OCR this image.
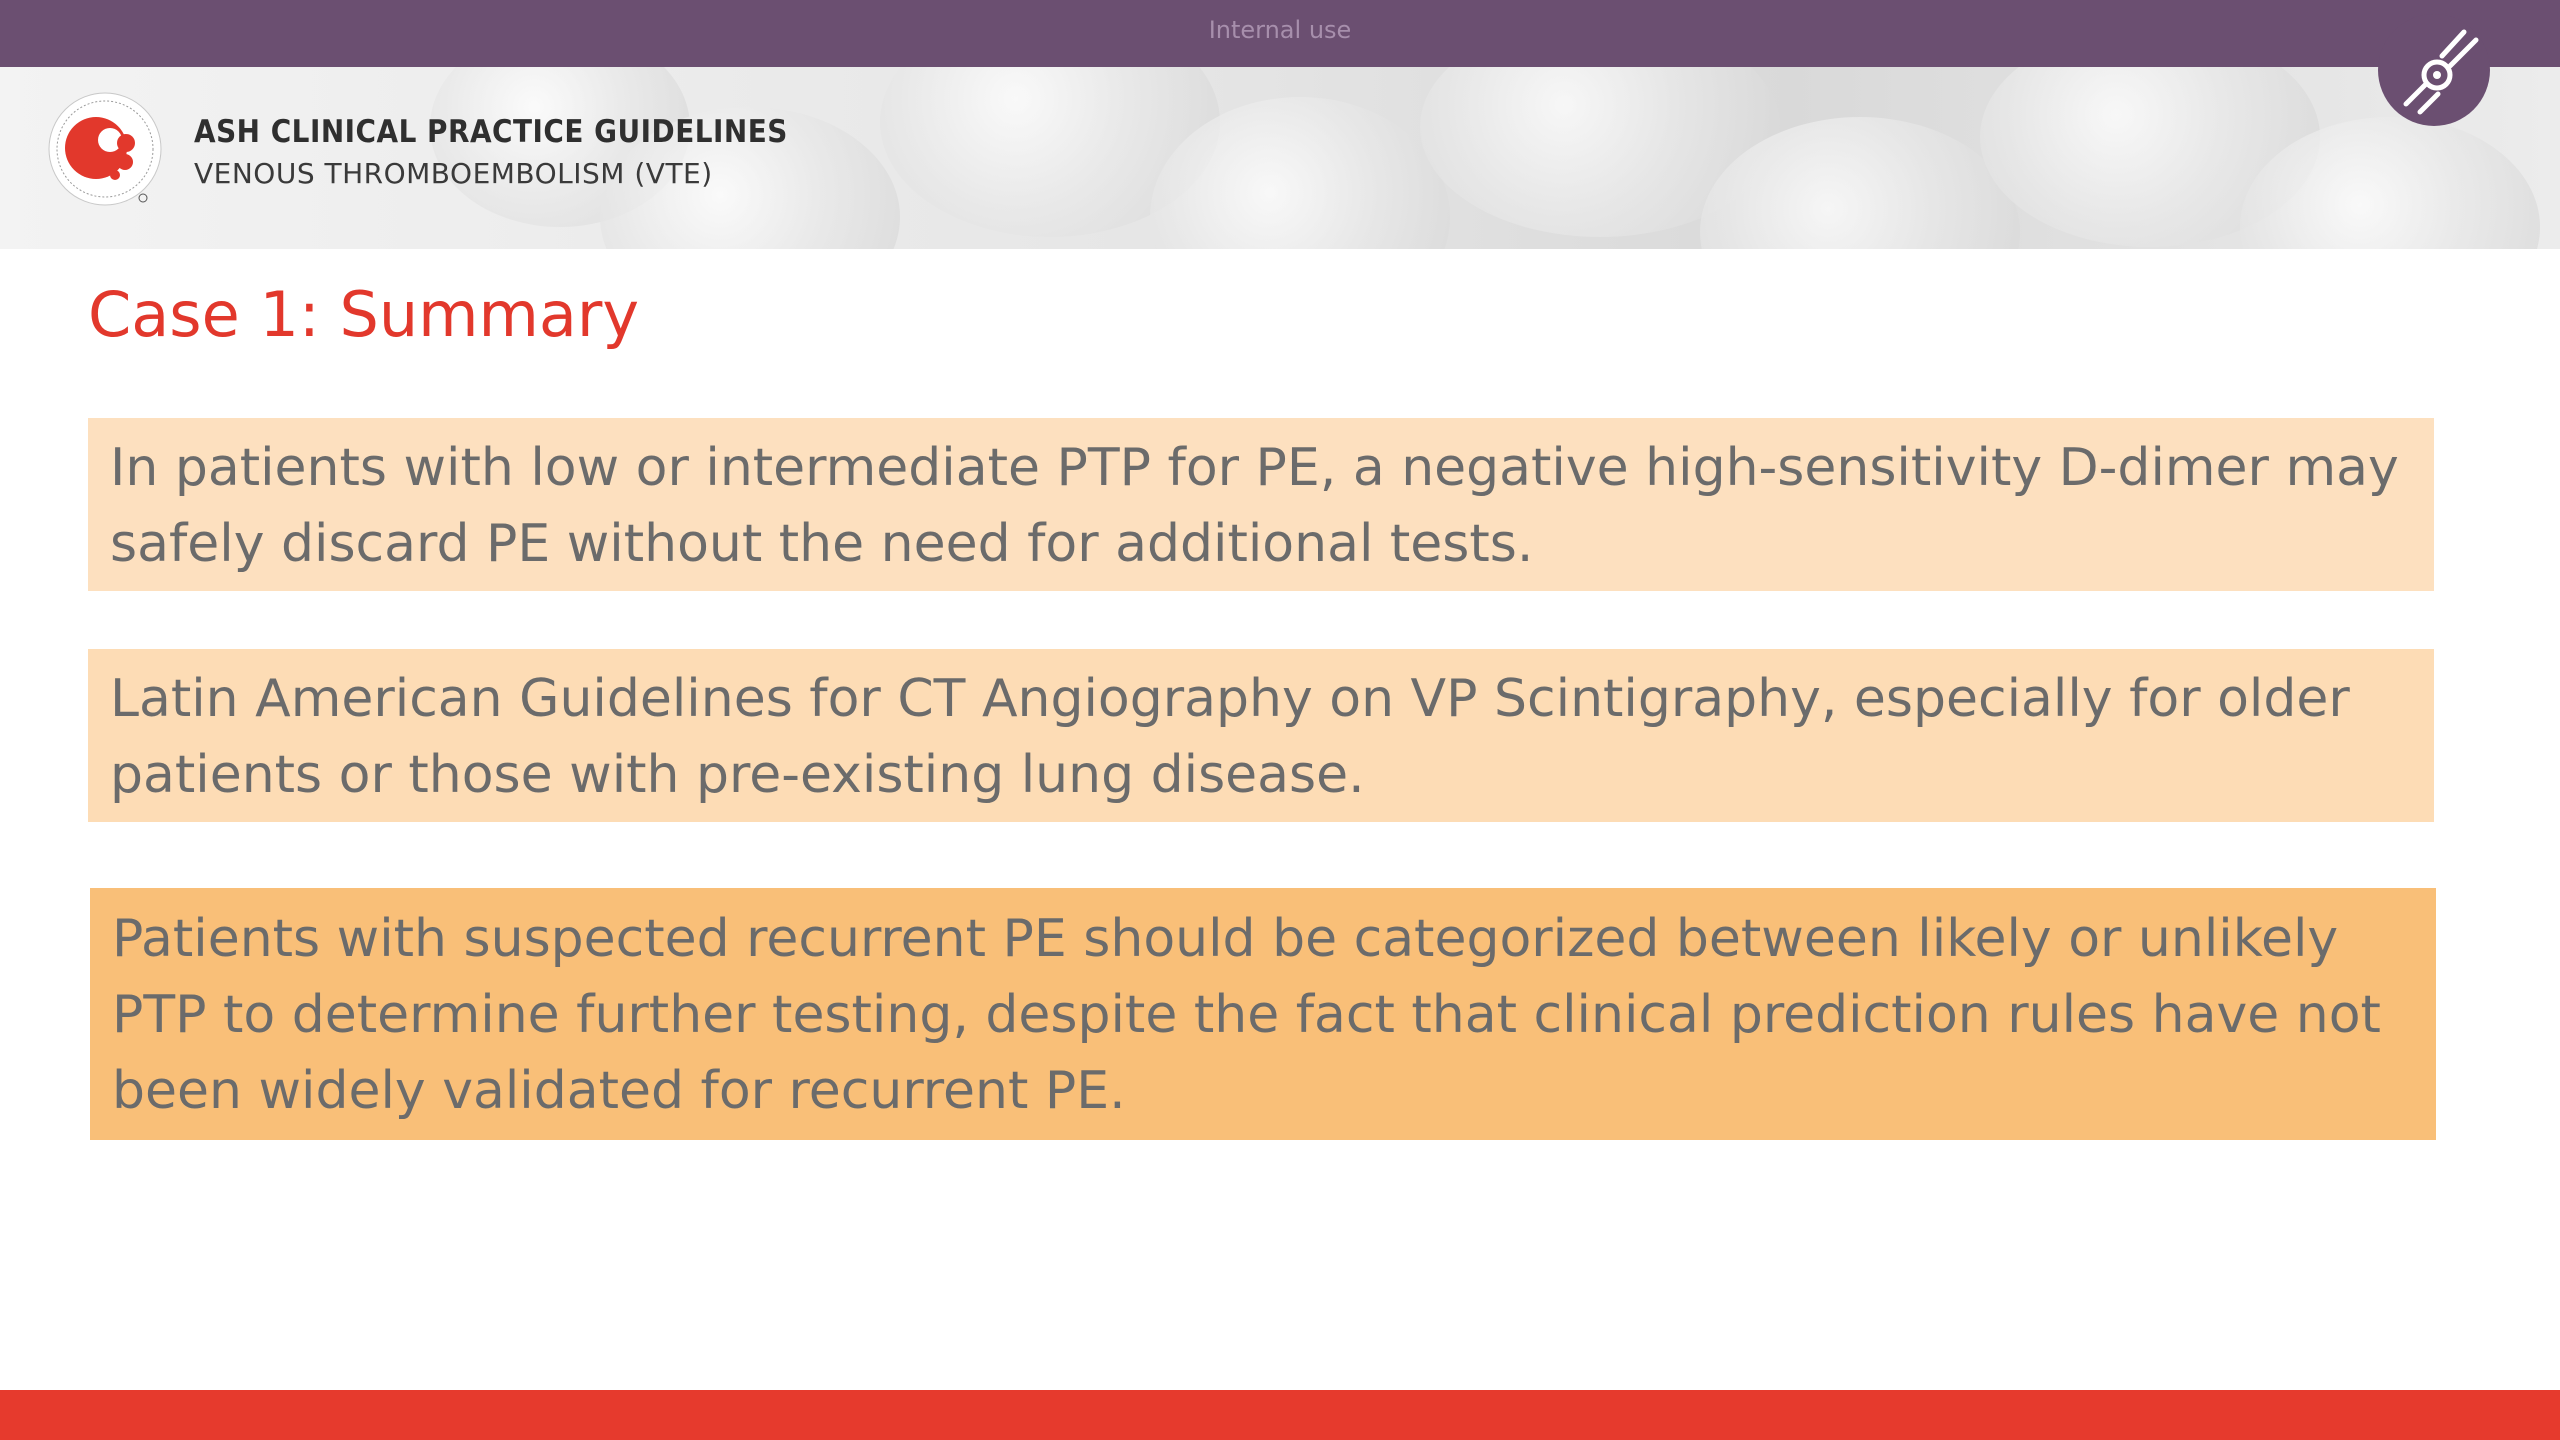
Internal use
ASH CLINICAL PRACTICE GUIDELINES
VENOUS THROMBOEMBOLISM (VTE)
Case 1: Summary
In patients with low or intermediate PTP for PE, a negative high-sensitivity D-dimer may safely discard PE without the need for additional tests.
Latin American Guidelines for CT Angiography on VP Scintigraphy, especially for older patients or those with pre-existing lung disease.
Patients with suspected recurrent PE should be categorized between likely or unlikely PTP to determine further testing, despite the fact that clinical prediction rules have not been widely validated for recurrent PE.
